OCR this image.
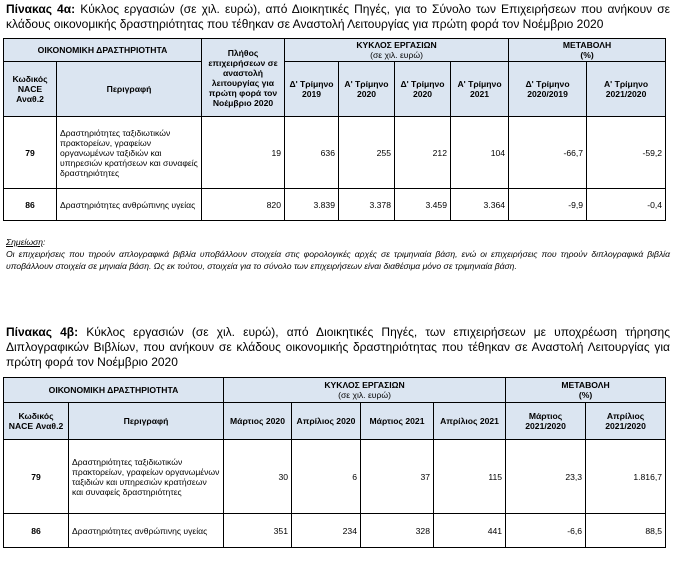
Πίνακας 4α: Κύκλος εργασιών (σε χιλ. ευρώ), από Διοικητικές Πηγές, για το Σύνολο των Επιχειρήσεων που ανήκουν σε κλάδους οικονομικής δραστηριότητας που τέθηκαν σε Αναστολή Λειτουργίας για πρώτη φορά τον Νοέμβριο 2020
ΟΙΚΟΝΟΜΙΚΗ ΔΡΑΣΤΗΡΙΟΤΗΤΑ		Πλήθος επιχειρήσεων σε αναστολή λειτουργίας για πρώτη φορά τον Νοέμβριο 2020	ΚΥΚΛΟΣ ΕΡΓΑΣΙΩΝ
(σε χιλ. ευρώ)				ΜΕΤΑΒΟΛΗ
(%)	
Κωδικός NACE Αναθ.2	Περιγραφή		Δ' Τρίμηνο 2019	Α' Τρίμηνο 2020	Δ' Τρίμηνο 2020	Α' Τρίμηνο 2021	Δ' Τρίμηνο 2020/2019	Α' Τρίμηνο 2021/2020
79	Δραστηριότητες ταξιδιωτικών πρακτορείων, γραφείων οργανωμένων ταξιδιών και υπηρεσιών κρατήσεων και συναφείς δραστηριότητες	19	636	255	212	104	-66,7	-59,2
86	Δραστηριότητες ανθρώπινης υγείας	820	3.839	3.378	3.459	3.364	-9,9	-0,4
Σημείωση:
Οι επιχειρήσεις που τηρούν απλογραφικά βιβλία υποβάλλουν στοιχεία στις φορολογικές αρχές σε τριμηνιαία βάση, ενώ οι επιχειρήσεις που τηρούν διπλογραφικά βιβλία υποβάλλουν στοιχεία σε μηνιαία βάση. Ως εκ τούτου, στοιχεία για το σύνολο των επιχειρήσεων είναι διαθέσιμα μόνο σε τριμηνιαία βάση.
Πίνακας 4β: Κύκλος εργασιών (σε χιλ. ευρώ), από Διοικητικές Πηγές, των επιχειρήσεων με υποχρέωση τήρησης Διπλογραφικών Βιβλίων, που ανήκουν σε κλάδους οικονομικής δραστηριότητας που τέθηκαν σε Αναστολή Λειτουργίας για πρώτη φορά τον Νοέμβριο 2020
ΟΙΚΟΝΟΜΙΚΗ ΔΡΑΣΤΗΡΙΟΤΗΤΑ		ΚΥΚΛΟΣ ΕΡΓΑΣΙΩΝ
(σε χιλ. ευρώ)				ΜΕΤΑΒΟΛΗ
(%)	
Κωδικός NACE Αναθ.2	Περιγραφή	Μάρτιος 2020	Απρίλιος 2020	Μάρτιος 2021	Απρίλιος 2021	Μάρτιος 2021/2020	Απρίλιος 2021/2020
79	Δραστηριότητες ταξιδιωτικών πρακτορείων, γραφείων οργανωμένων ταξιδιών και υπηρεσιών κρατήσεων και συναφείς δραστηριότητες	30	6	37	115	23,3	1.816,7
86	Δραστηριότητες ανθρώπινης υγείας	351	234	328	441	-6,6	88,5
